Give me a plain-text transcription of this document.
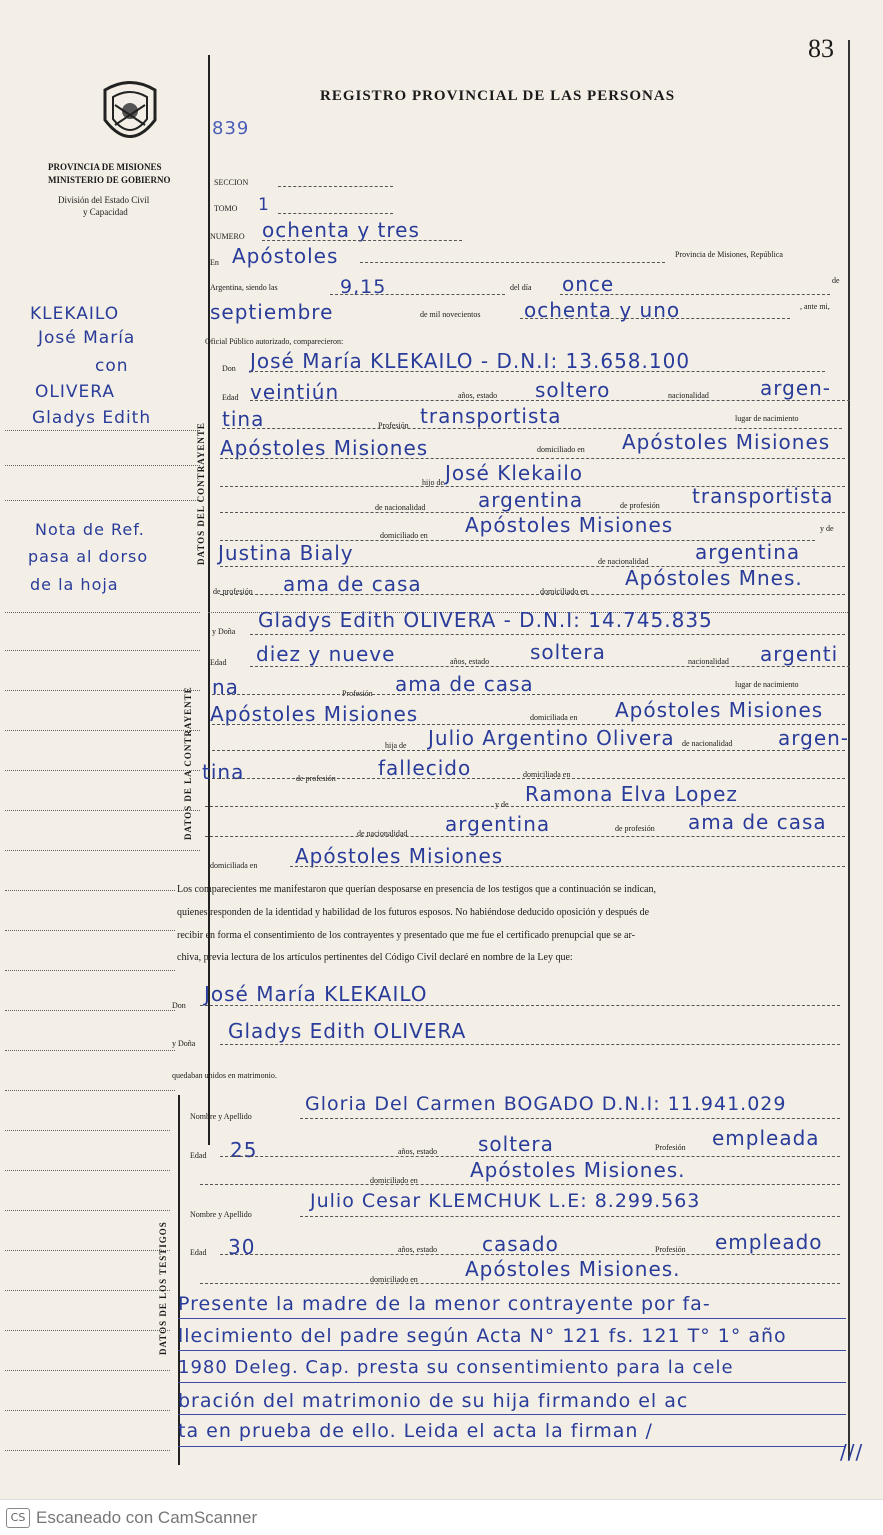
83
PROVINCIA DE MISIONES
MINISTERIO DE GOBIERNO
División del Estado Civil
y Capacidad
REGISTRO PROVINCIAL DE LAS PERSONAS
KLEKAILO
José María
con
OLIVERA
Gladys Edith
Nota de Ref.
pasa al dorso
de la hoja
839
SECCION
TOMO 1
NUMERO ochenta y tres
En Apóstoles	Provincia de Misiones, República
Argentina, siendo las	9,15	del día once	de
septiembre	de mil novecientos ochenta y uno	, ante mi,
Oficial Público autorizado, comparecieron:
DATOS DEL CONTRAYENTE
Don José María KLEKAILO - D.N.I: 13.658.100
Edad veintiún	años, estado soltero	nacionalidad	argen-
tina	Profesión transportista	lugar de nacimiento
Apóstoles Misiones	domiciliado en Apóstoles Misiones
hijo de José Klekailo
de nacionalidad	argentina	de profesión transportista
domiciliado en Apóstoles Misiones	y de
Justina Bialy	de nacionalidad argentina
de profesión ama de casa	domiciliado en
Apóstoles Mnes.
DATOS DE LA CONTRAYENTE
y Doña Gladys Edith OLIVERA - D.N.I: 14.745.835
Edad diez y nueve	años, estado soltera	nacionalidad argenti
na	Profesión ama de casa	lugar de nacimiento
Apóstoles Misiones	domiciliada en Apóstoles Misiones
hija de Julio Argentino Olivera de nacionalidad argen-
tina	de profesión fallecido	domiciliada en
y de Ramona Elva Lopez
de nacionalidad argentina	de profesión ama de casa
domiciliada en Apóstoles Misiones
Los comparecientes me manifestaron que querían desposarse en presencia de los testigos que a continuación se indican,
quienes responden de la identidad y habilidad de los futuros esposos. No habiéndose deducido oposición y después de
recibir en forma el consentimiento de los contrayentes y presentado que me fue el certificado prenupcial que se ar-
chiva, previa lectura de los artículos pertinentes del Código Civil declaré en nombre de la Ley que:
Don José María KLEKAILO
y Doña
Gladys Edith OLIVERA
quedaban unidos en matrimonio.
DATOS DE LOS TESTIGOS
Nombre y Apellido
Gloria Del Carmen BOGADO D.N.I: 11.941.029
Edad 25	años, estado soltera	Profesión empleada
domiciliado en	Apóstoles Misiones.
Nombre y Apellido
Julio Cesar KLEMCHUK L.E: 8.299.563
Edad 30	años, estado casado	Profesión empleado
domiciliado en Apóstoles Misiones.
Presente la madre de la menor contrayente por fa-
llecimiento del padre según Acta N° 121 fs. 121 T° 1° año
1980 Deleg. Cap. presta su consentimiento para la cele
bración del matrimonio de su hija firmando el ac
ta en prueba de ello. Leida el acta la firman /
///
CS Escaneado con CamScanner
